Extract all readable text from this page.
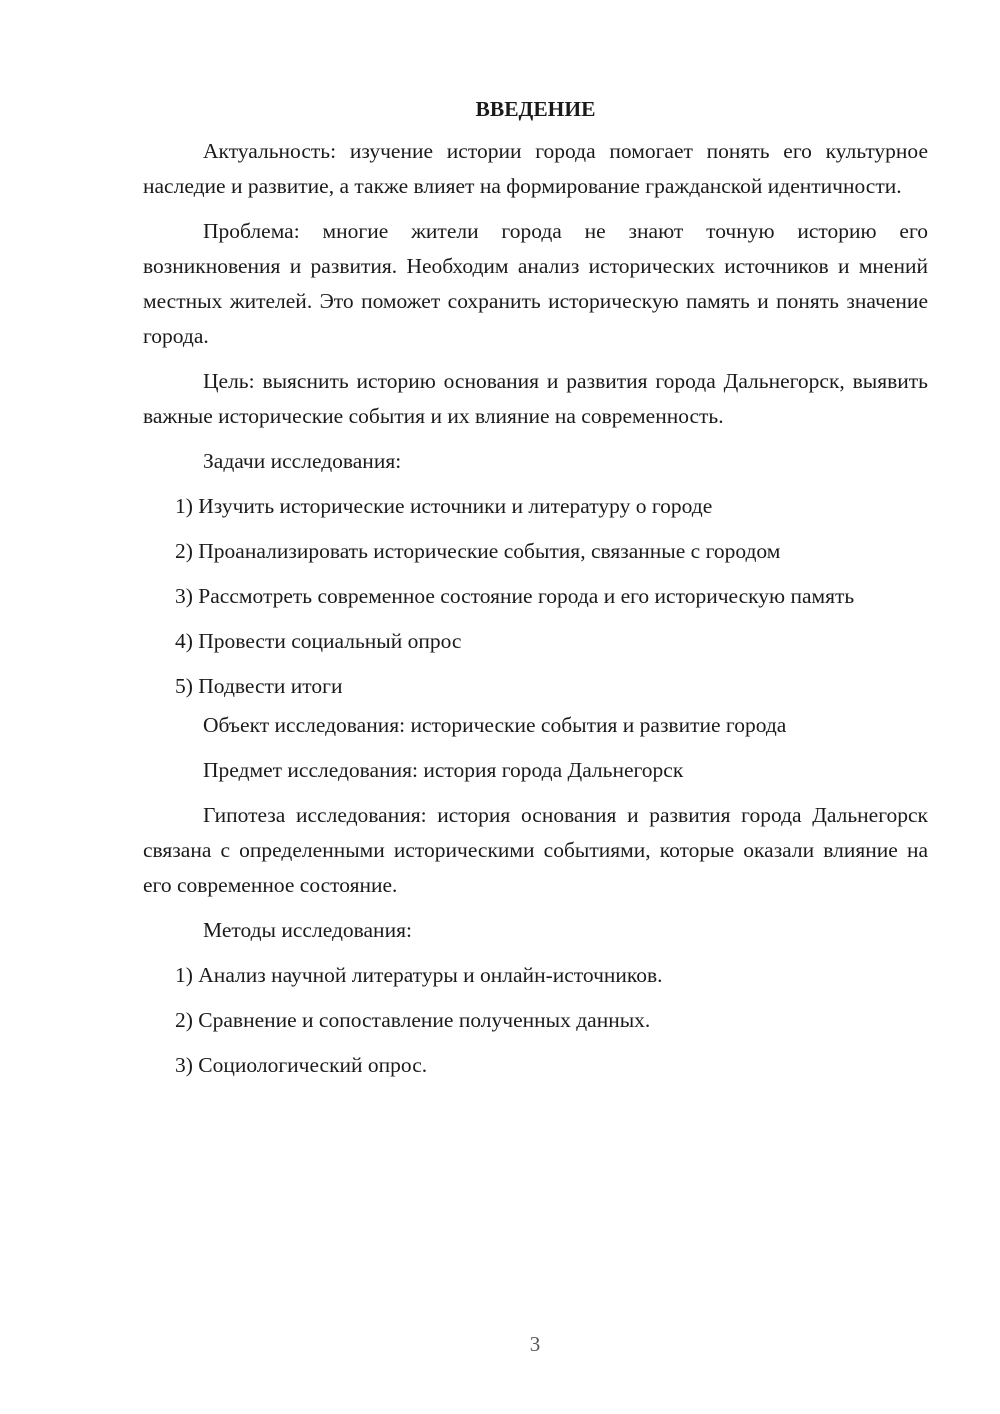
ВВЕДЕНИЕ

Актуальность: изучение истории города помогает понять его культурное наследие и развитие, а также влияет на формирование гражданской идентичности.

Проблема: многие жители города не знают точную историю его возникновения и развития. Необходим анализ исторических источников и мнений местных жителей. Это поможет сохранить историческую память и понять значение города.

Цель: выяснить историю основания и развития города Дальнегорск, выявить важные исторические события и их влияние на современность.

Задачи исследования:

1) Изучить исторические источники и литературу о городе

2) Проанализировать исторические события, связанные с городом

3) Рассмотреть современное состояние города и его историческую память

4) Провести социальный опрос

5) Подвести итоги

Объект исследования: исторические события и развитие города

Предмет исследования: история города Дальнегорск

Гипотеза исследования: история основания и развития города Дальнегорск связана с определенными историческими событиями, которые оказали влияние на его современное состояние.

Методы исследования:

1) Анализ научной литературы и онлайн-источников.

2) Сравнение и сопоставление полученных данных.

3) Социологический опрос.

3
